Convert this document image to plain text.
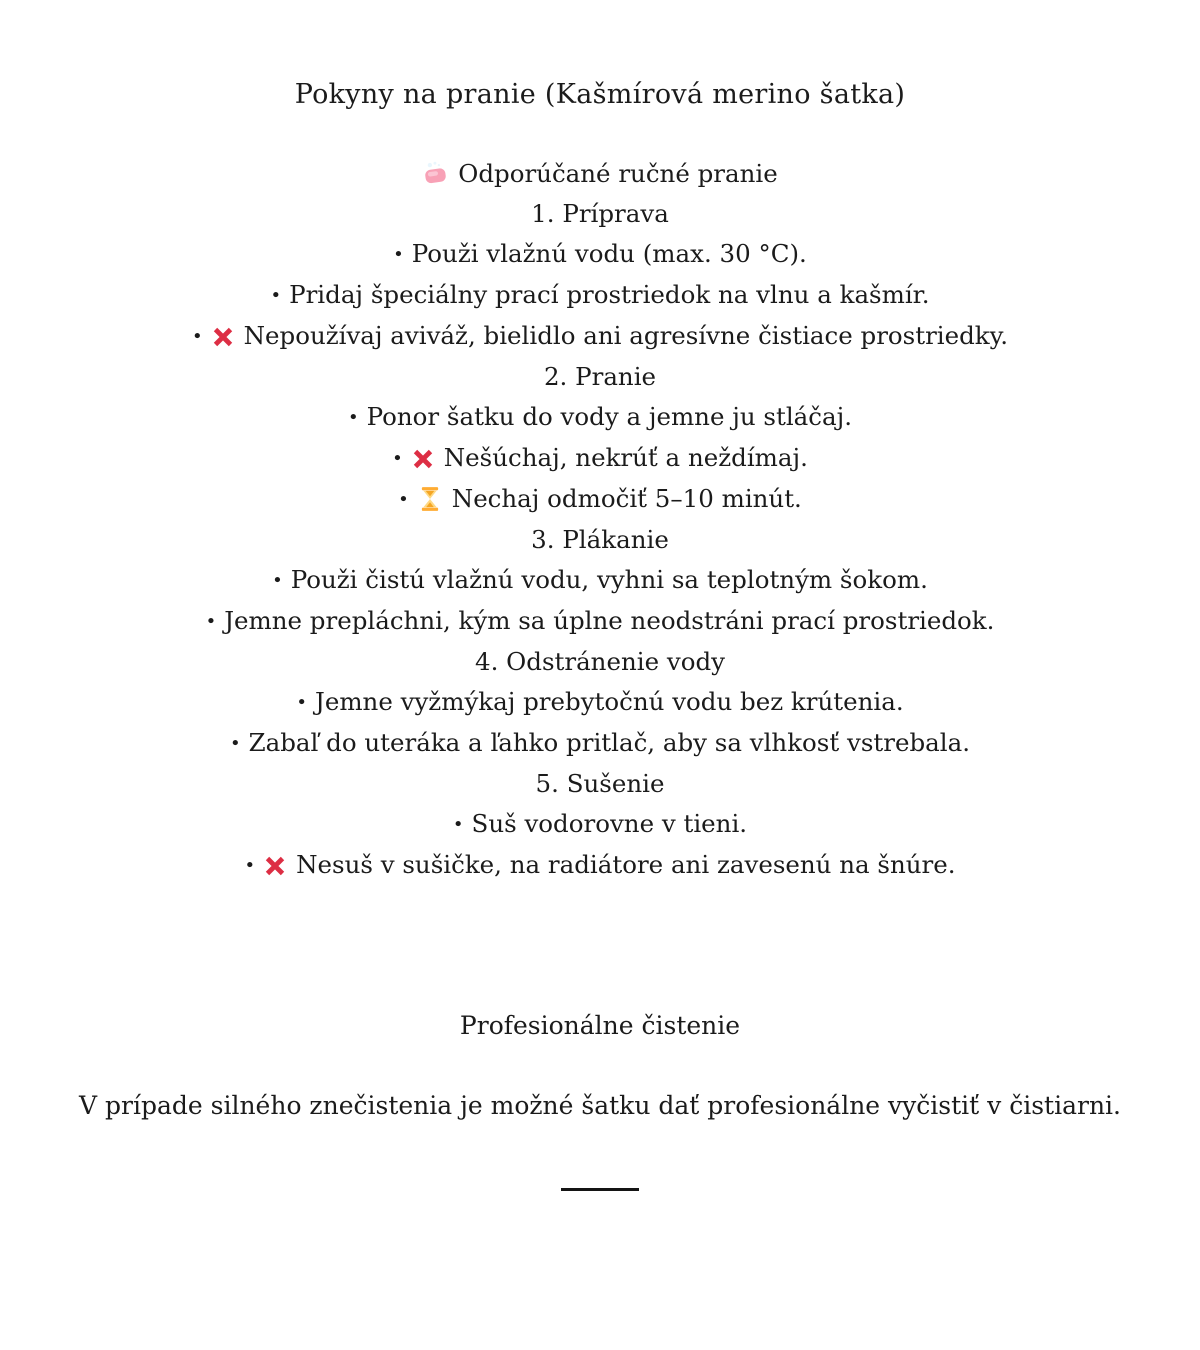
Pokyny na pranie (Kašmírová merino šatka)
Odporúčané ručné pranie
1. Príprava
• Použi vlažnú vodu (max. 30 °C).
• Pridaj špeciálny prací prostriedok na vlnu a kašmír.
• Nepoužívaj aviváž, bielidlo ani agresívne čistiace prostriedky.
2. Pranie
• Ponor šatku do vody a jemne ju stláčaj.
• Nešúchaj, nekrúť a neždímaj.
• Nechaj odmočiť 5–10 minút.
3. Plákanie
• Použi čistú vlažnú vodu, vyhni sa teplotným šokom.
• Jemne prepláchni, kým sa úplne neodstráni prací prostriedok.
4. Odstránenie vody
• Jemne vyžmýkaj prebytočnú vodu bez krútenia.
• Zabaľ do uteráka a ľahko pritlač, aby sa vlhkosť vstrebala.
5. Sušenie
• Suš vodorovne v tieni.
• Nesuš v sušičke, na radiátore ani zavesenú na šnúre.
Profesionálne čistenie
V prípade silného znečistenia je možné šatku dať profesionálne vyčistiť v čistiarni.
